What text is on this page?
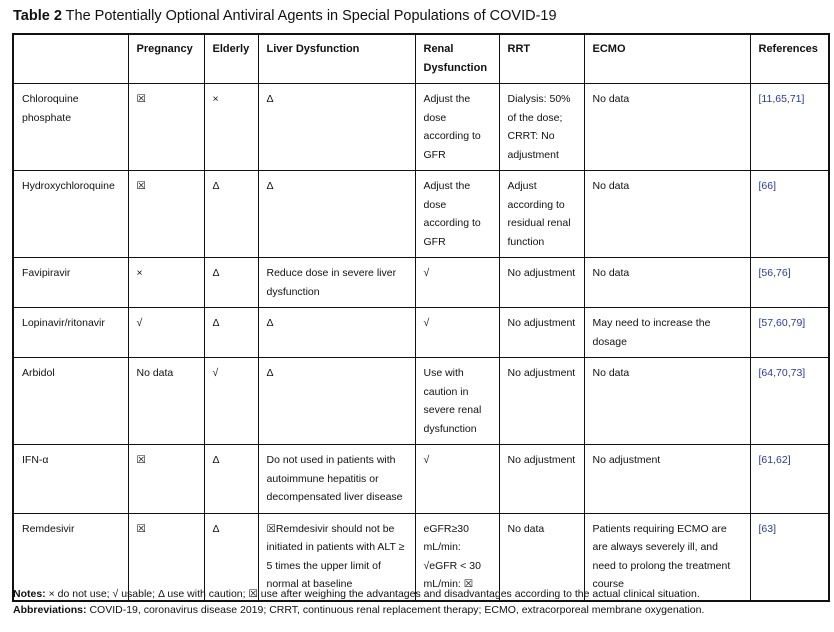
Table 2 The Potentially Optional Antiviral Agents in Special Populations of COVID-19
	Pregnancy	Elderly	Liver Dysfunction	Renal Dysfunction	RRT	ECMO	References
Chloroquine phosphate	☒	×	Δ	Adjust the dose according to GFR	Dialysis: 50% of the dose; CRRT: No adjustment	No data	[11,65,71]
Hydroxychloroquine	☒	Δ	Δ	Adjust the dose according to GFR	Adjust according to residual renal function	No data	[66]
Favipiravir	×	Δ	Reduce dose in severe liver dysfunction	√	No adjustment	No data	[56,76]
Lopinavir/ritonavir	√	Δ	Δ	√	No adjustment	May need to increase the dosage	[57,60,79]
Arbidol	No data	√	Δ	Use with caution in severe renal dysfunction	No adjustment	No data	[64,70,73]
IFN-α	☒	Δ	Do not used in patients with autoimmune hepatitis or decompensated liver disease	√	No adjustment	No adjustment	[61,62]
Remdesivir	☒	Δ	☒Remdesivir should not be initiated in patients with ALT ≥ 5 times the upper limit of normal at baseline	eGFR≥30 mL/min: √eGFR < 30 mL/min: ☒	No data	Patients requiring ECMO are are always severely ill, and need to prolong the treatment course	[63]
Notes: × do not use; √ usable; Δ use with caution; ☒ use after weighing the advantages and disadvantages according to the actual clinical situation.
Abbreviations: COVID-19, coronavirus disease 2019; CRRT, continuous renal replacement therapy; ECMO, extracorporeal membrane oxygenation.
